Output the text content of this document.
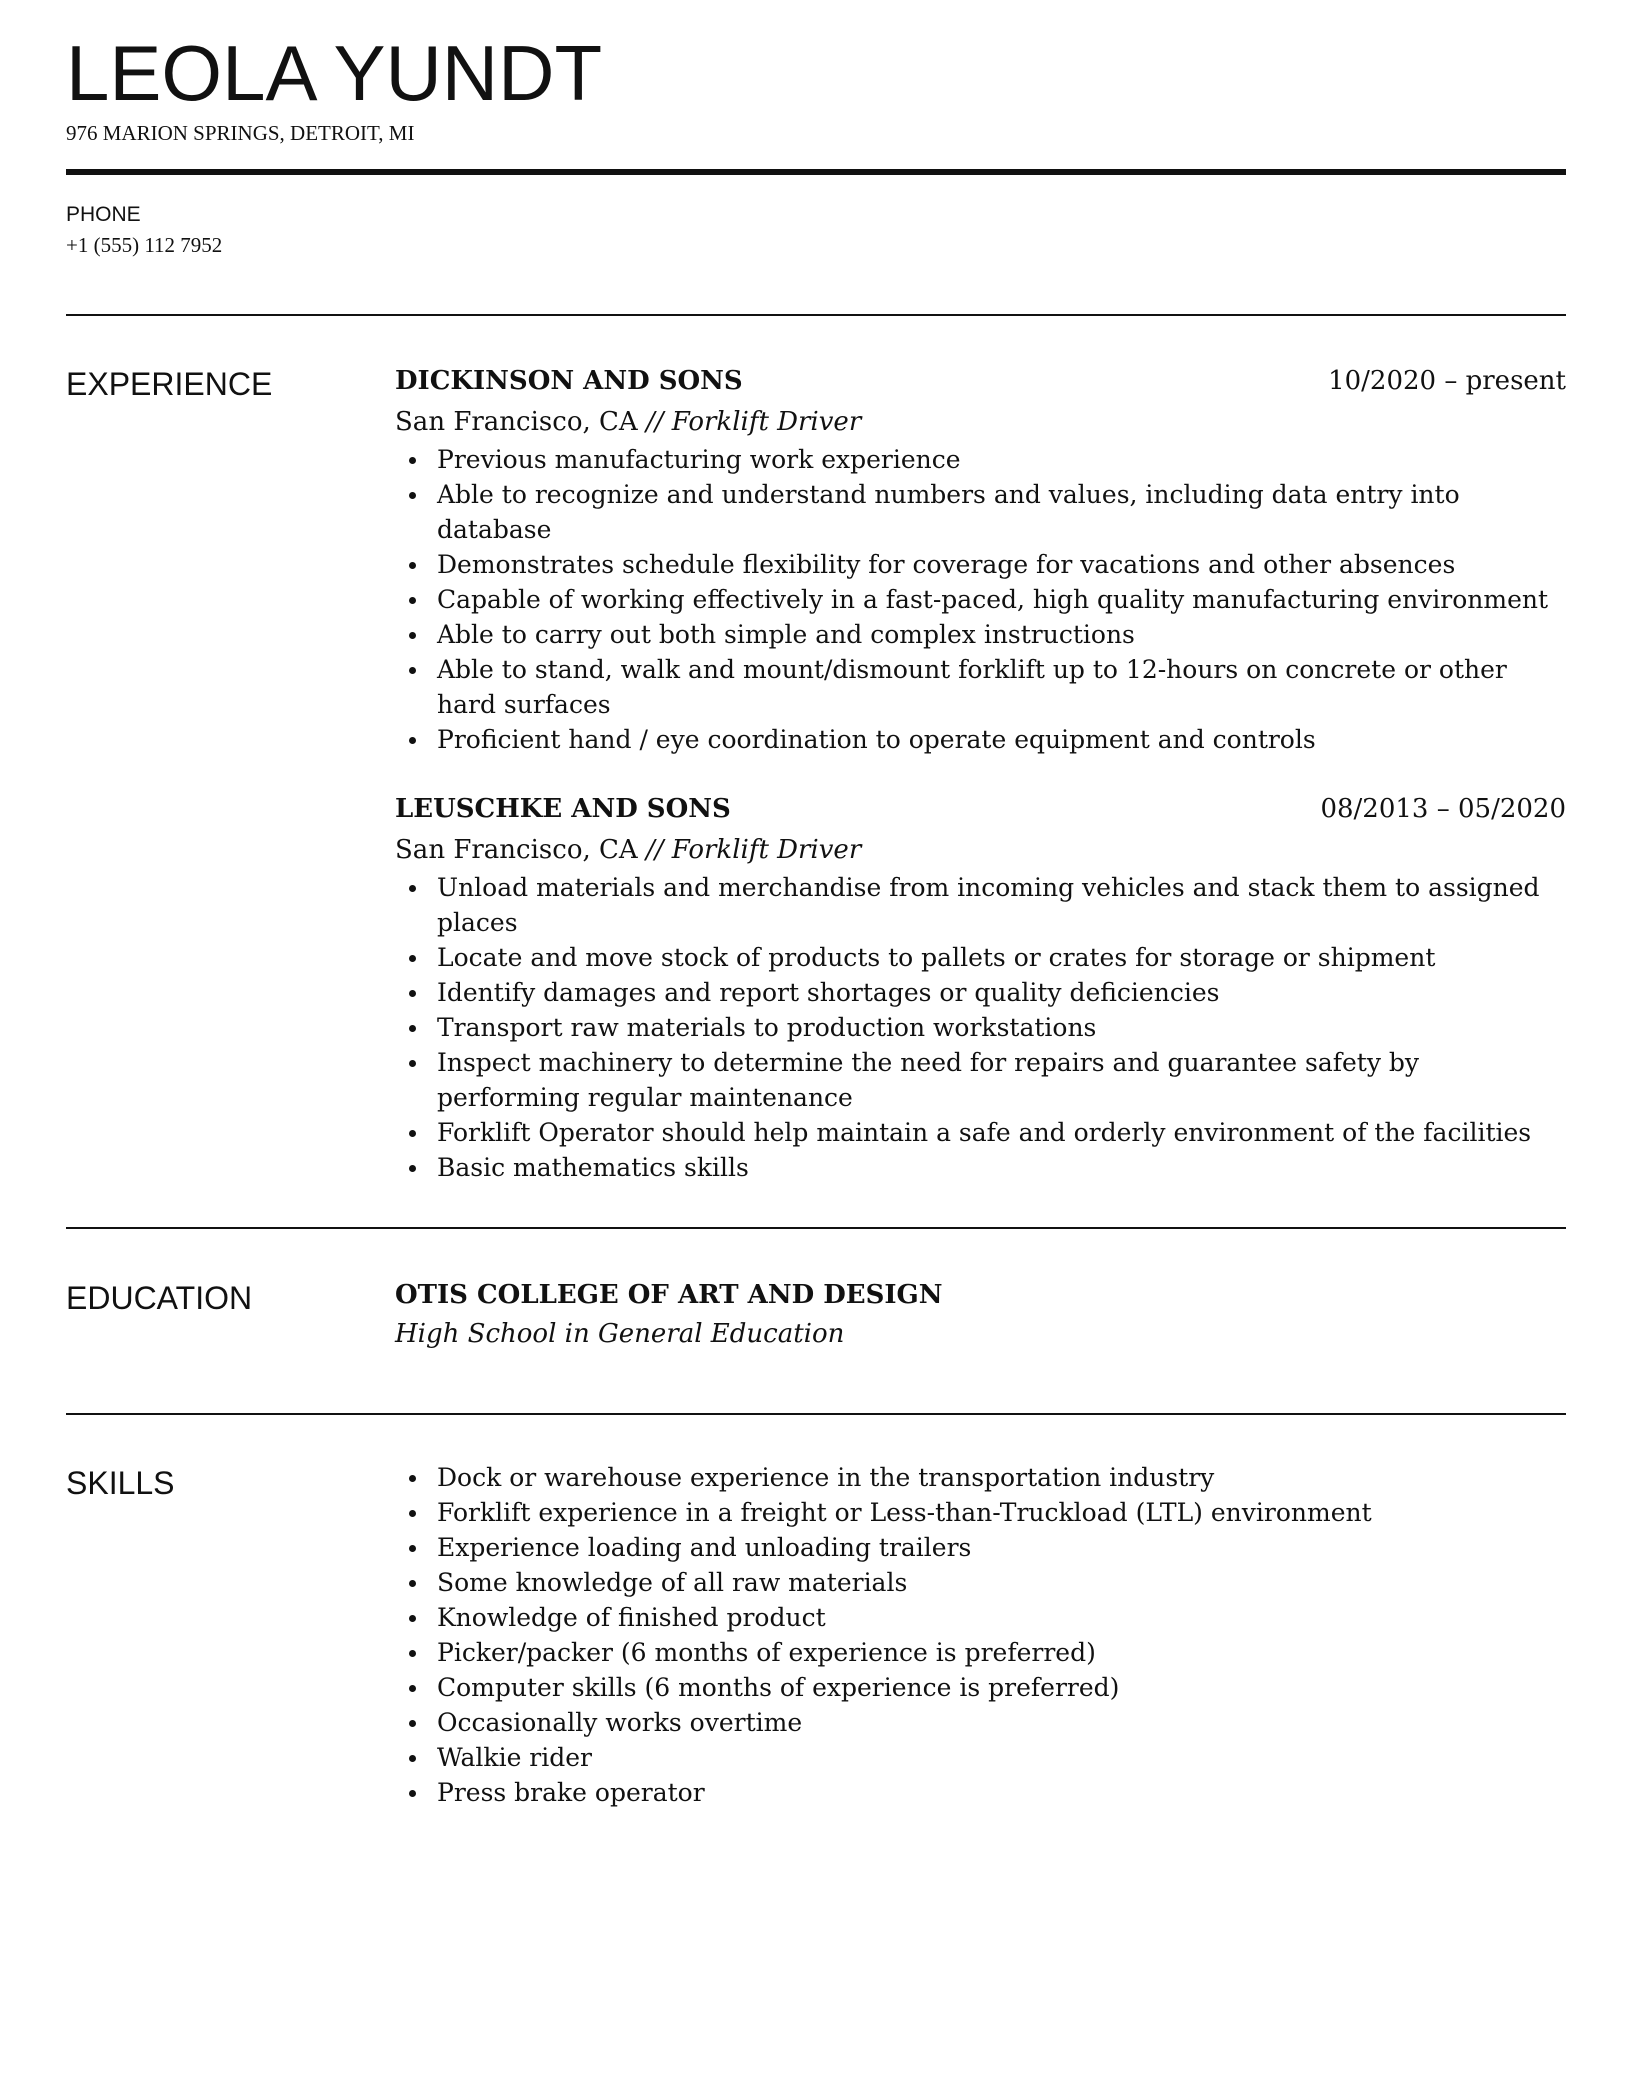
LEOLA YUNDT
976 MARION SPRINGS, DETROIT, MI
PHONE
+1 (555) 112 7952
EXPERIENCE	DICKINSON AND SONS	10/2020 – present
San Francisco, CA // Forklift Driver
Previous manufacturing work experience
Able to recognize and understand numbers and values, including data entry into database
Demonstrates schedule flexibility for coverage for vacations and other absences
Capable of working effectively in a fast-paced, high quality manufacturing environment
Able to carry out both simple and complex instructions
Able to stand, walk and mount/dismount forklift up to 12-hours on concrete or other hard surfaces
Proficient hand / eye coordination to operate equipment and controls
LEUSCHKE AND SONS	08/2013 – 05/2020
San Francisco, CA // Forklift Driver
Unload materials and merchandise from incoming vehicles and stack them to assigned places
Locate and move stock of products to pallets or crates for storage or shipment
Identify damages and report shortages or quality deficiencies
Transport raw materials to production workstations
Inspect machinery to determine the need for repairs and guarantee safety by performing regular maintenance
Forklift Operator should help maintain a safe and orderly environment of the facilities
Basic mathematics skills
EDUCATION	OTIS COLLEGE OF ART AND DESIGN
High School in General Education
SKILLS	Dock or warehouse experience in the transportation industry
Forklift experience in a freight or Less-than-Truckload (LTL) environment
Experience loading and unloading trailers
Some knowledge of all raw materials
Knowledge of finished product
Picker/packer (6 months of experience is preferred)
Computer skills (6 months of experience is preferred)
Occasionally works overtime
Walkie rider
Press brake operator
